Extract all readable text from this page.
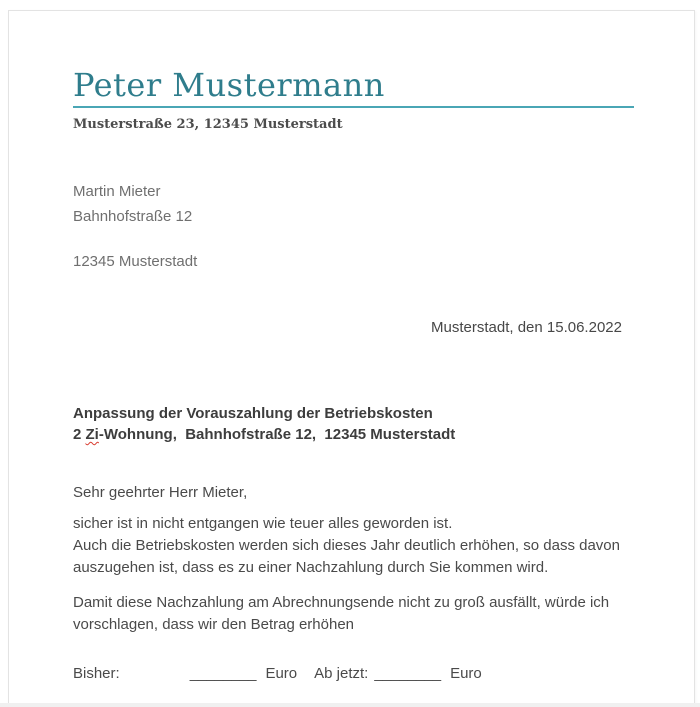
Peter Mustermann
Musterstraße 23, 12345 Musterstadt
Martin Mieter
Bahnhofstraße 12
12345 Musterstadt
Musterstadt, den 15.06.2022
Anpassung der Vorauszahlung der Betriebskosten
2 Zi-Wohnung,  Bahnhofstraße 12,  12345 Musterstadt
Sehr geehrter Herr Mieter,
sicher ist in nicht entgangen wie teuer alles geworden ist.
Auch die Betriebskosten werden sich dieses Jahr deutlich erhöhen, so dass davon
auszugehen ist, dass es zu einer Nachzahlung durch Sie kommen wird.
Damit diese Nachzahlung am Abrechnungsende nicht zu groß ausfällt, würde ich
vorschlagen, dass wir den Betrag erhöhen
Bisher:	________ Euro Ab jetzt: ________ Euro
